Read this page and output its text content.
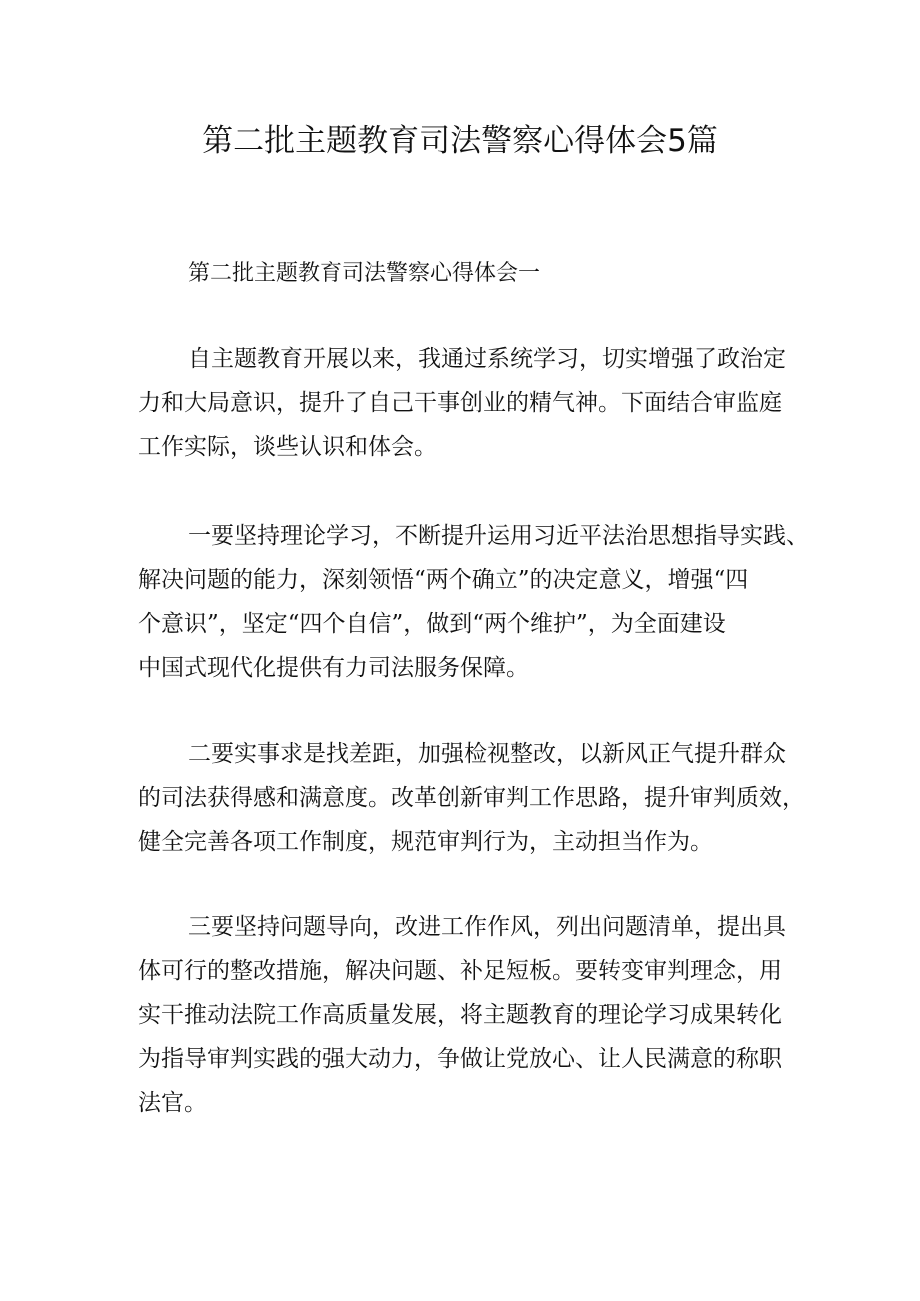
第二批主题教育司法警察心得体会5篇

第二批主题教育司法警察心得体会一

自主题教育开展以来，我通过系统学习，切实增强了政治定
力和大局意识，提升了自己干事创业的精气神。下面结合审监庭
工作实际，谈些认识和体会。

一要坚持理论学习，不断提升运用习近平法治思想指导实践、
解决问题的能力，深刻领悟“两个确立”的决定意义，增强“四
个意识”，坚定“四个自信”，做到“两个维护”，为全面建设
中国式现代化提供有力司法服务保障。

二要实事求是找差距，加强检视整改，以新风正气提升群众
的司法获得感和满意度。改革创新审判工作思路，提升审判质效，
健全完善各项工作制度，规范审判行为，主动担当作为。

三要坚持问题导向，改进工作作风，列出问题清单，提出具
体可行的整改措施，解决问题、补足短板。要转变审判理念，用
实干推动法院工作高质量发展，将主题教育的理论学习成果转化
为指导审判实践的强大动力，争做让党放心、让人民满意的称职
法官。
